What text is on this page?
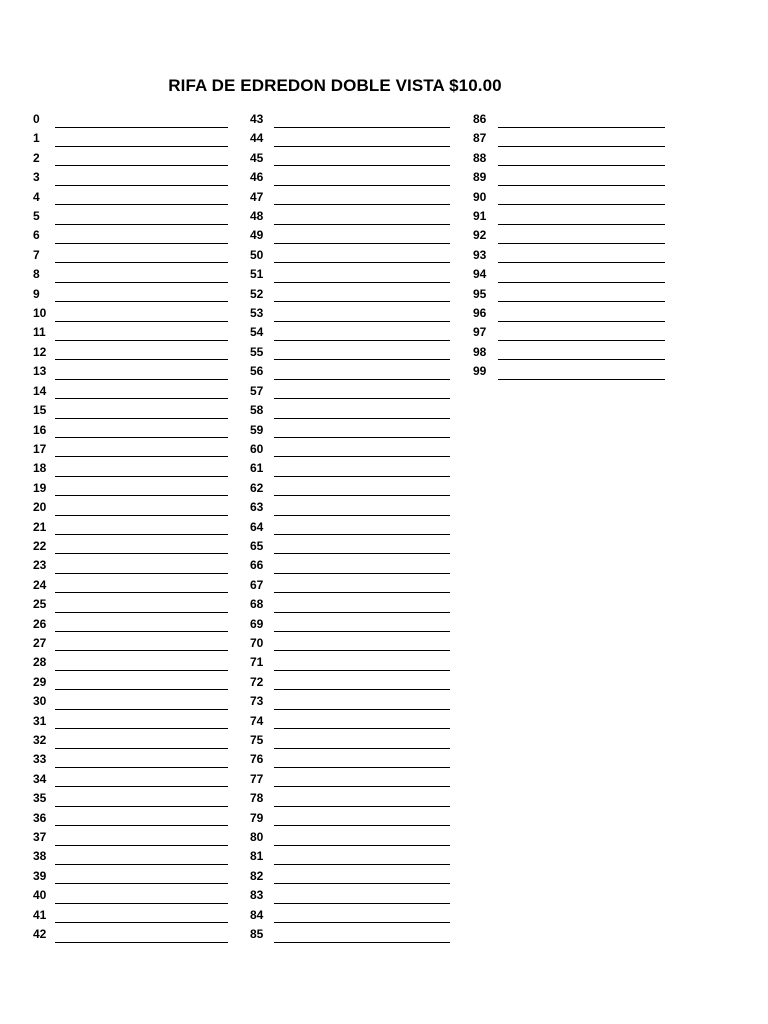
RIFA DE EDREDON DOBLE VISTA $10.00
0
1
2
3
4
5
6
7
8
9
10
11
12
13
14
15
16
17
18
19
20
21
22
23
24
25
26
27
28
29
30
31
32
33
34
35
36
37
38
39
40
41
42
43
44
45
46
47
48
49
50
51
52
53
54
55
56
57
58
59
60
61
62
63
64
65
66
67
68
69
70
71
72
73
74
75
76
77
78
79
80
81
82
83
84
85
86
87
88
89
90
91
92
93
94
95
96
97
98
99
